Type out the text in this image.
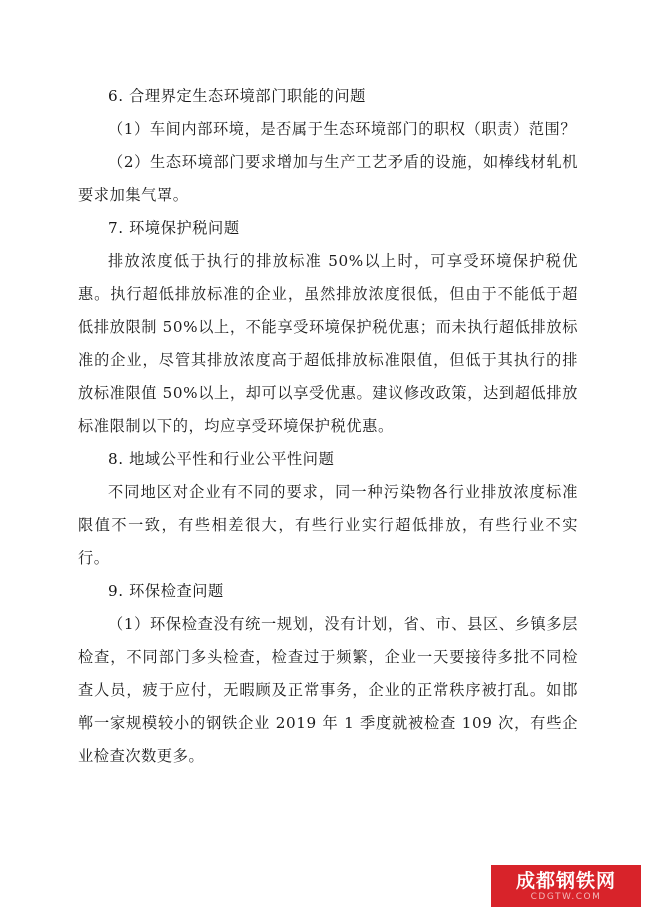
6. 合理界定生态环境部门职能的问题

（1）车间内部环境，是否属于生态环境部门的职权（职责）范围？

（2）生态环境部门要求增加与生产工艺矛盾的设施，如棒线材轧机要求加集气罩。

7. 环境保护税问题

排放浓度低于执行的排放标准 50%以上时，可享受环境保护税优惠。执行超低排放标准的企业，虽然排放浓度很低，但由于不能低于超低排放限制 50%以上，不能享受环境保护税优惠；而未执行超低排放标准的企业，尽管其排放浓度高于超低排放标准限值，但低于其执行的排放标准限值 50%以上，却可以享受优惠。建议修改政策，达到超低排放标准限制以下的，均应享受环境保护税优惠。

8. 地域公平性和行业公平性问题

不同地区对企业有不同的要求，同一种污染物各行业排放浓度标准限值不一致，有些相差很大，有些行业实行超低排放，有些行业不实行。

9. 环保检查问题

（1）环保检查没有统一规划，没有计划，省、市、县区、乡镇多层检查，不同部门多头检查，检查过于频繁，企业一天要接待多批不同检查人员，疲于应付，无暇顾及正常事务，企业的正常秩序被打乱。如邯郸一家规模较小的钢铁企业 2019 年 1 季度就被检查 109 次，有些企业检查次数更多。

成都钢铁网
CDGTW.COM
